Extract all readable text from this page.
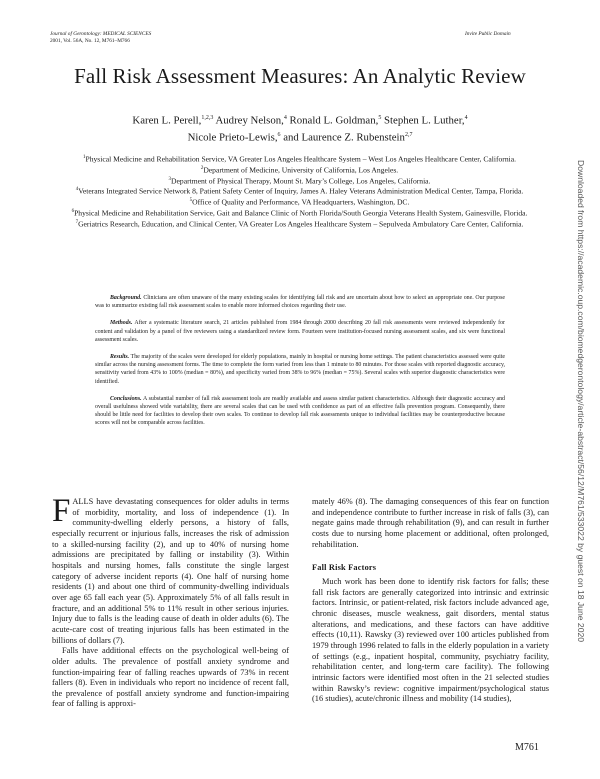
Journal of Gerontology: MEDICAL SCIENCES
2001, Vol. 56A, No. 12, M761–M766
Invite Public Domain
Fall Risk Assessment Measures: An Analytic Review
Karen L. Perell,$^{1,2,3}$ Audrey Nelson,$^4$ Ronald L. Goldman,$^5$ Stephen L. Luther,$^4$
Nicole Prieto-Lewis,$^6$ and Laurence Z. Rubenstein$^{2,7}$

$^1$Physical Medicine and Rehabilitation Service, VA Greater Los Angeles Healthcare System – West Los Angeles Healthcare Center, California.

$^2$Department of Medicine, University of California, Los Angeles.

$^3$Department of Physical Therapy, Mount St. Mary’s College, Los Angeles, California.

$^4$Veterans Integrated Service Network 8, Patient Safety Center of Inquiry, James A. Haley Veterans Administration Medical Center, Tampa, Florida.

$^5$Office of Quality and Performance, VA Headquarters, Washington, DC.

$^6$Physical Medicine and Rehabilitation Service, Gait and Balance Clinic of North Florida/South Georgia Veterans Health System, Gainesville, Florida.

$^7$Geriatrics Research, Education, and Clinical Center, VA Greater Los Angeles Healthcare System – Sepulveda Ambulatory Care Center, California.

Background. Clinicians are often unaware of the many existing scales for identifying fall risk and are uncertain about how to select an appropriate one. Our purpose was to summarize existing fall risk assessment scales to enable more informed choices regarding their use.

Methods. After a systematic literature search, 21 articles published from 1984 through 2000 describing 20 fall risk assessments were reviewed independently for content and validation by a panel of five reviewers using a standardized review form. Fourteen were institution-focused nursing assessment scales, and six were functional assessment scales.

Results. The majority of the scales were developed for elderly populations, mainly in hospital or nursing home settings. The patient characteristics assessed were quite similar across the nursing assessment forms. The time to complete the form varied from less than 1 minute to 80 minutes. For those scales with reported diagnostic accuracy, sensitivity varied from 43% to 100% (median = 80%), and specificity varied from 38% to 96% (median = 75%). Several scales with superior diagnostic characteristics were identified.

Conclusions. A substantial number of fall risk assessment tools are readily available and assess similar patient characteristics. Although their diagnostic accuracy and overall usefulness showed wide variability, there are several scales that can be used with confidence as part of an effective falls prevention program. Consequently, there should be little need for facilities to develop their own scales. To continue to develop fall risk assessments unique to individual facilities may be counterproductive because scores will not be comparable across facilities.

FALLS have devastating consequences for older adults in terms of morbidity, mortality, and loss of independence (1). In community-dwelling elderly persons, a history of falls, especially recurrent or injurious falls, increases the risk of admission to a skilled-nursing facility (2), and up to 40% of nursing home admissions are precipitated by falling or instability (3). Within hospitals and nursing homes, falls constitute the single largest category of adverse incident reports (4). One half of nursing home residents (1) and about one third of community-dwelling individuals over age 65 fall each year (5). Approximately 5% of all falls result in fracture, and an additional 5% to 11% result in other serious injuries. Injury due to falls is the leading cause of death in older adults (6). The acute-care cost of treating injurious falls has been estimated in the billions of dollars (7).

Falls have additional effects on the psychological well-being of older adults. The prevalence of postfall anxiety syndrome and function-impairing fear of falling reaches upwards of 73% in recent fallers (8). Even in individuals who report no incidence of recent fall, the prevalence of postfall anxiety syndrome and function-impairing fear of falling is approxi-

mately 46% (8). The damaging consequences of this fear on function and independence contribute to further increase in risk of falls (3), can negate gains made through rehabilitation (9), and can result in further costs due to nursing home placement or additional, often prolonged, rehabilitation.

Fall Risk Factors

Much work has been done to identify risk factors for falls; these fall risk factors are generally categorized into intrinsic and extrinsic factors. Intrinsic, or patient-related, risk factors include advanced age, chronic diseases, muscle weakness, gait disorders, mental status alterations, and medications, and these factors can have additive effects (10,11). Rawsky (3) reviewed over 100 articles published from 1979 through 1996 related to falls in the elderly population in a variety of settings (e.g., inpatient hospital, community, psychiatry facility, rehabilitation center, and long-term care facility). The following intrinsic factors were identified most often in the 21 selected studies within Rawsky’s review: cognitive impairment/psychological status (16 studies), acute/chronic illness and mobility (14 studies),

M761
Downloaded from https://academic.oup.com/biomedgerontology/article-abstract/56/12/M761/533022 by guest on 18 June 2020
